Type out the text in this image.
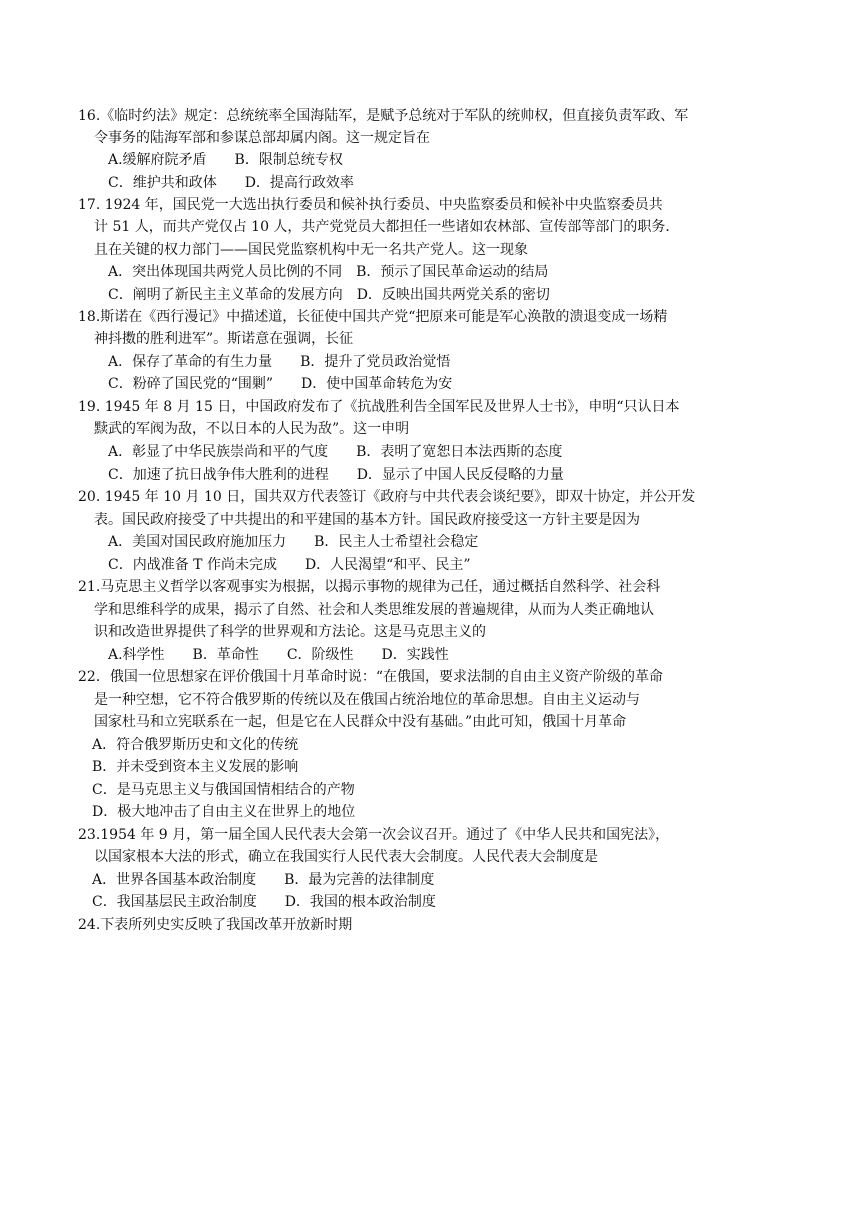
16.《临时约法》规定：总统统率全国海陆军，是赋予总统对于军队的统帅权，但直接负责军政、军
令事务的陆海军部和参谋总部却属内阁。这一规定旨在
A.缓解府院矛盾　　B．限制总统专权
C．维护共和政体　　D．提高行政效率
17. 1924 年，国民党一大选出执行委员和候补执行委员、中央监察委员和候补中央监察委员共
计 51 人，而共产党仅占 10 人，共产党党员大都担任一些诸如农林部、宣传部等部门的职务．
且在关键的权力部门——国民党监察机构中无一名共产党人。这一现象
A．突出体现国共两党人员比例的不同　B．预示了国民革命运动的结局
C．阐明了新民主主义革命的发展方向　D．反映出国共两党关系的密切
18.斯诺在《西行漫记》中描述道，长征使中国共产党“把原来可能是军心涣散的溃退变成一场精
神抖擞的胜利进军”。斯诺意在强调，长征
A．保存了革命的有生力量　　B．提升了党员政治觉悟
C．粉碎了国民党的“围剿”　　D．使中国革命转危为安
19. 1945 年 8 月 15 日，中国政府发布了《抗战胜利告全国军民及世界人士书》，申明“只认日本
黩武的军阀为敌，不以日本的人民为敌”。这一申明
A．彰显了中华民族崇尚和平的气度　　B．表明了宽恕日本法西斯的态度
C．加速了抗日战争伟大胜利的进程　　D．显示了中国人民反侵略的力量
20. 1945 年 10 月 10 日，国共双方代表签订《政府与中共代表会谈纪要》，即双十协定，并公开发
表。国民政府接受了中共提出的和平建国的基本方针。国民政府接受这一方针主要是因为
A．美国对国民政府施加压力　　B．民主人士希望社会稳定
C．内战准备 T 作尚未完成　　D．人民渴望“和平、民主”
21.马克思主义哲学以客观事实为根据，以揭示事物的规律为己任，通过概括自然科学、社会科
学和思维科学的成果，揭示了自然、社会和人类思维发展的普遍规律，从而为人类正确地认
识和改造世界提供了科学的世界观和方法论。这是马克思主义的
A.科学性　　B．革命性　　C．阶级性　　D．实践性
22．俄国一位思想家在评价俄国十月革命时说：“在俄国，要求法制的自由主义资产阶级的革命
是一种空想，它不符合俄罗斯的传统以及在俄国占统治地位的革命思想。自由主义运动与
国家杜马和立宪联系在一起，但是它在人民群众中没有基础。”由此可知，俄国十月革命
A．符合俄罗斯历史和文化的传统
B．并未受到资本主义发展的影响
C．是马克思主义与俄国国情相结合的产物
D．极大地冲击了自由主义在世界上的地位
23.1954 年 9 月，第一届全国人民代表大会第一次会议召开。通过了《中华人民共和国宪法》，
以国家根本大法的形式，确立在我国实行人民代表大会制度。人民代表大会制度是
A．世界各国基本政治制度　　B．最为完善的法律制度
C．我国基层民主政治制度　　D．我国的根本政治制度
24.下表所列史实反映了我国改革开放新时期
